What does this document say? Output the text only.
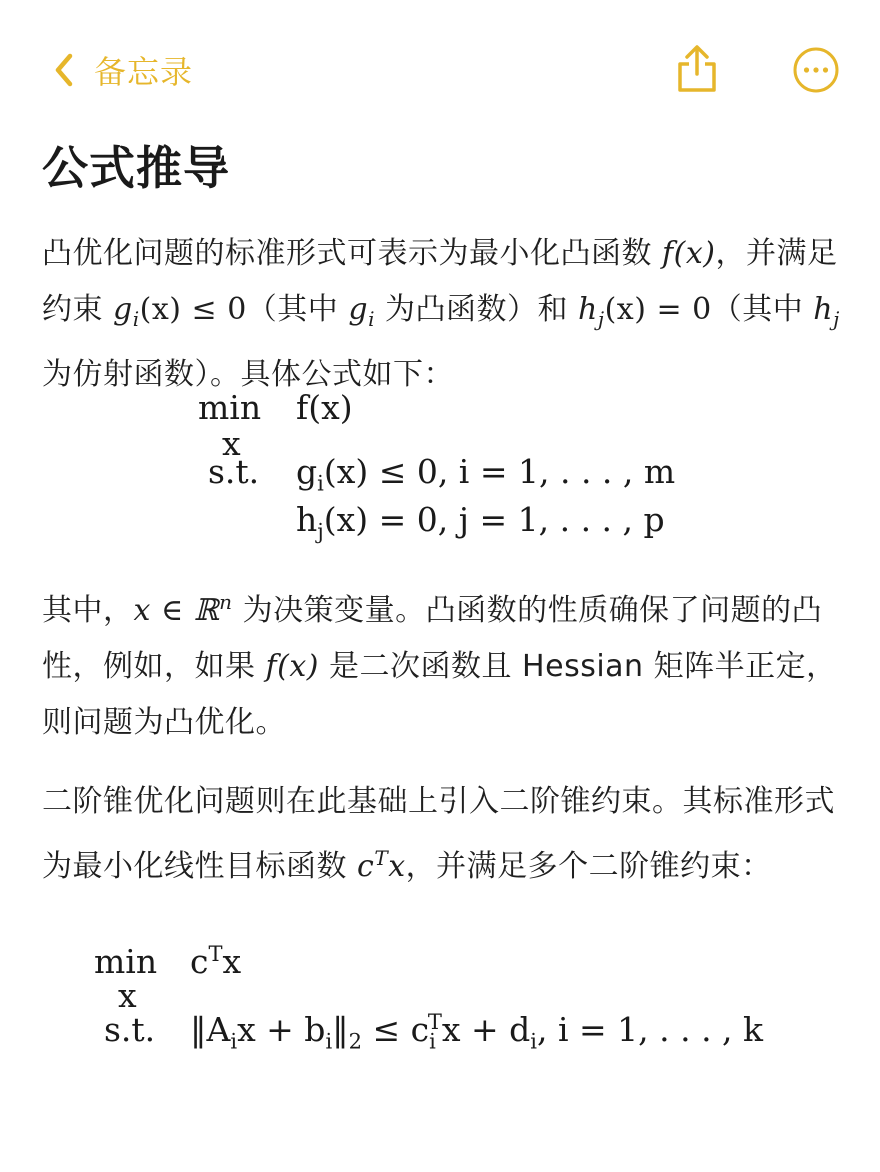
备忘录
公式推导

凸优化问题的标准形式可表示为最小化凸函数 f(x)，并满足约束 $g_i(x) \le 0$（其中 $g_i$ 为凸函数）和 $h_j(x) = 0$（其中 $h_j$ 为仿射函数）。具体公式如下：

min
x
f(x)
s.t. $g_i(x) \le 0$, i = 1, . . . , m
$h_j(x) = 0$, j = 1, . . . , p

其中，x ∈ ℝ$^n$ 为决策变量。凸函数的性质确保了问题的凸性，例如，如果 f(x) 是二次函数且 Hessian 矩阵半正定，则问题为凸优化。

二阶锥优化问题则在此基础上引入二阶锥约束。其标准形式为最小化线性目标函数 $c^Tx$，并满足多个二阶锥约束：

min
x
$c^Tx$
s.t. $‖A_ix$ + $b_i‖_2 \le c_i^Tx + d_i$, i = 1, . . . , k
